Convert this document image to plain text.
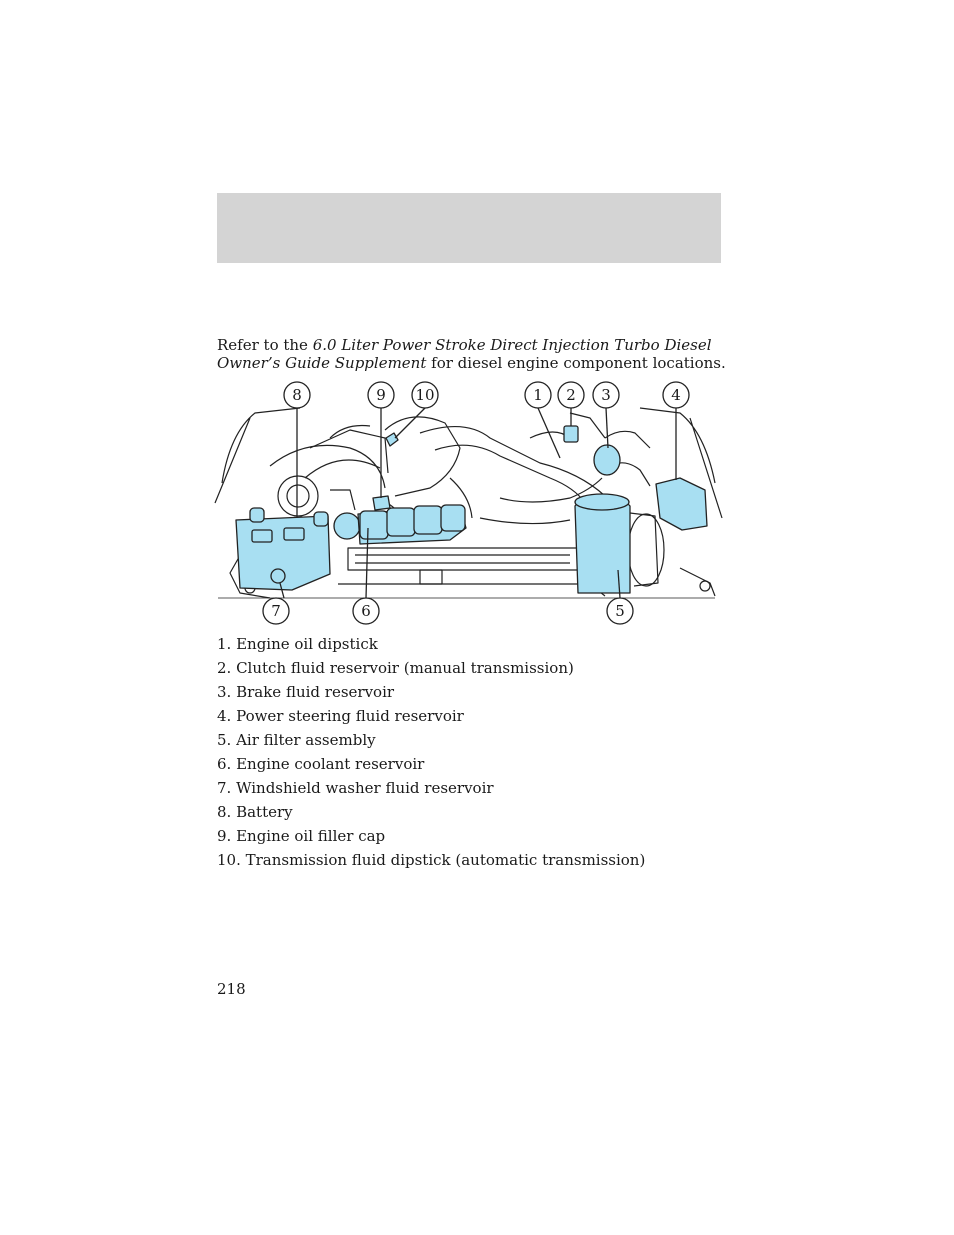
Refer to the 6.0 Liter Power Stroke Direct Injection Turbo Diesel Owner’s Guide Supplement for diesel engine component locations.

8	9 10	1 2 3	4
7	6	5
1. Engine oil dipstick
2. Clutch fluid reservoir (manual transmission)
3. Brake fluid reservoir
4. Power steering fluid reservoir
5. Air filter assembly
6. Engine coolant reservoir
7. Windshield washer fluid reservoir
8. Battery
9. Engine oil filler cap
10. Transmission fluid dipstick (automatic transmission)
218
